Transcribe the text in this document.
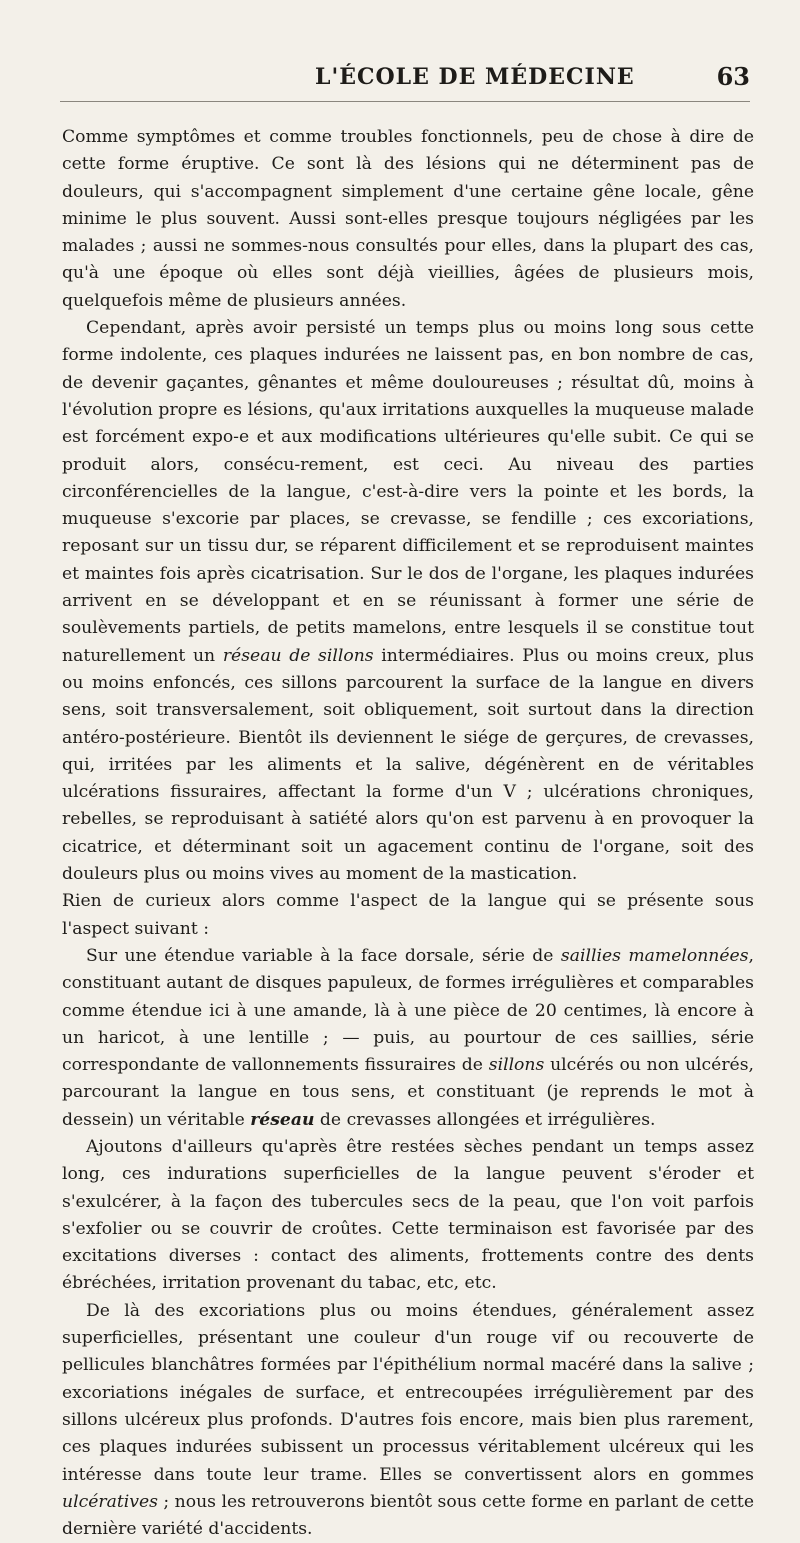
L'ÉCOLE DE MÉDECINE	63

Comme symptômes et comme troubles fonctionnels, peu de chose à dire de cette forme éruptive. Ce sont là des lésions qui ne déterminent pas de douleurs, qui s'accompagnent simplement d'une certaine gêne locale, gêne minime le plus souvent. Aussi sont-elles presque toujours négligées par les malades ; aussi ne sommes-nous consultés pour elles, dans la plupart des cas, qu'à une époque où elles sont déjà vieillies, âgées de plusieurs mois, quelquefois même de plusieurs années.

Cependant, après avoir persisté un temps plus ou moins long sous cette forme indolente, ces plaques indurées ne laissent pas, en bon nombre de cas, de devenir gaçantes, gênantes et même douloureuses ; résultat dû, moins à l'évolution propre es lésions, qu'aux irritations auxquelles la muqueuse malade est forcément expo-e et aux modifications ultérieures qu'elle subit. Ce qui se produit alors, consécu-rement, est ceci. Au niveau des parties circonférencielles de la langue, c'est-à-dire vers la pointe et les bords, la muqueuse s'excorie par places, se crevasse, se fendille ; ces excoriations, reposant sur un tissu dur, se réparent difficilement et se reproduisent maintes et maintes fois après cicatrisation. Sur le dos de l'organe, les plaques indurées arrivent en se développant et en se réunissant à former une série de soulèvements partiels, de petits mamelons, entre lesquels il se constitue tout naturellement un réseau de sillons intermédiaires. Plus ou moins creux, plus ou moins enfoncés, ces sillons parcourent la surface de la langue en divers sens, soit transversalement, soit obliquement, soit surtout dans la direction antéro-postérieure. Bientôt ils deviennent le siége de gerçures, de crevasses, qui, irritées par les aliments et la salive, dégénèrent en de véritables ulcérations fissuraires, affectant la forme d'un V ; ulcérations chroniques, rebelles, se reproduisant à satiété alors qu'on est parvenu à en provoquer la cicatrice, et déterminant soit un agacement continu de l'organe, soit des douleurs plus ou moins vives au moment de la mastication.

Rien de curieux alors comme l'aspect de la langue qui se présente sous l'aspect suivant :

Sur une étendue variable à la face dorsale, série de saillies mamelonnées, constituant autant de disques papuleux, de formes irrégulières et comparables comme étendue ici à une amande, là à une pièce de 20 centimes, là encore à un haricot, à une lentille ; — puis, au pourtour de ces saillies, série correspondante de vallonnements fissuraires de sillons ulcérés ou non ulcérés, parcourant la langue en tous sens, et constituant (je reprends le mot à dessein) un véritable réseau de crevasses allongées et irrégulières.

Ajoutons d'ailleurs qu'après être restées sèches pendant un temps assez long, ces indurations superficielles de la langue peuvent s'éroder et s'exulcérer, à la façon des tubercules secs de la peau, que l'on voit parfois s'exfolier ou se couvrir de croûtes. Cette terminaison est favorisée par des excitations diverses : contact des aliments, frottements contre des dents ébréchées, irritation provenant du tabac, etc, etc.

De là des excoriations plus ou moins étendues, généralement assez superficielles, présentant une couleur d'un rouge vif ou recouverte de pellicules blanchâtres formées par l'épithélium normal macéré dans la salive ; excoriations inégales de surface, et entrecoupées irrégulièrement par des sillons ulcéreux plus profonds. D'autres fois encore, mais bien plus rarement, ces plaques indurées subissent un processus véritablement ulcéreux qui les intéresse dans toute leur trame. Elles se convertissent alors en gommes ulcératives ; nous les retrouverons bientôt sous cette forme en parlant de cette dernière variété d'accidents.
